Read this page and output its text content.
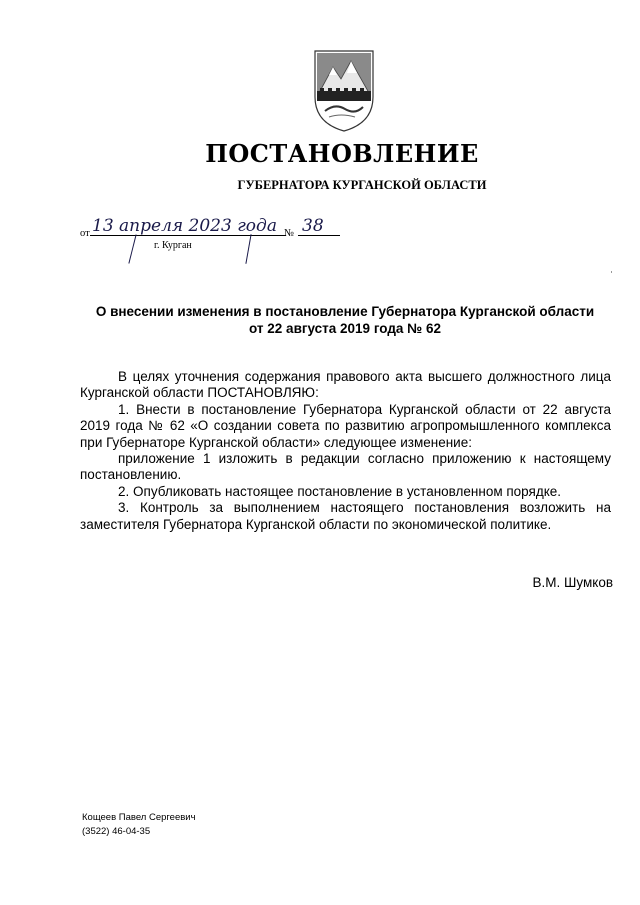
ПОСТАНОВЛЕНИЕ
ГУБЕРНАТОРА КУРГАНСКОЙ ОБЛАСТИ
от 13 апреля 2023 года № 38
г. Курган
О внесении изменения в постановление Губернатора Курганской области
от 22 августа 2019 года № 62

В целях уточнения содержания правового акта высшего должностного лица Курганской области ПОСТАНОВЛЯЮ:

1. Внести в постановление Губернатора Курганской области от 22 августа 2019 года № 62 «О создании совета по развитию агропромышленного комплекса при Губернаторе Курганской области» следующее изменение:

приложение 1 изложить в редакции согласно приложению к настоящему постановлению.

2. Опубликовать настоящее постановление в установленном порядке.

3. Контроль за выполнением настоящего постановления возложить на заместителя Губернатора Курганской области по экономической политике.

В.М. Шумков
Кощеев Павел Сергеевич
(3522) 46-04-35
